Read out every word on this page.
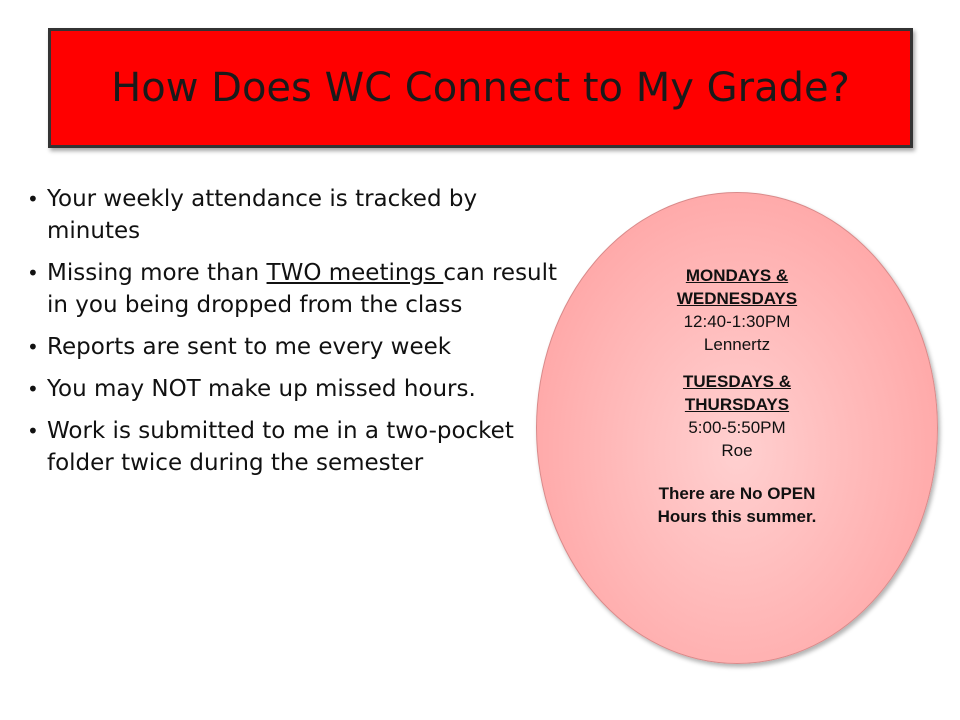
How Does WC Connect to My Grade?
• Your weekly attendance is tracked by minutes
• Missing more than TWO meetings can result in you being dropped from the class
• Reports are sent to me every week
• You may NOT make up missed hours.
• Work is submitted to me in a two-pocket folder twice during the semester
MONDAYS &
WEDNESDAYS
12:40-1:30PM
Lennertz
TUESDAYS &
THURSDAYS
5:00-5:50PM
Roe
There are No OPEN
Hours this summer.
